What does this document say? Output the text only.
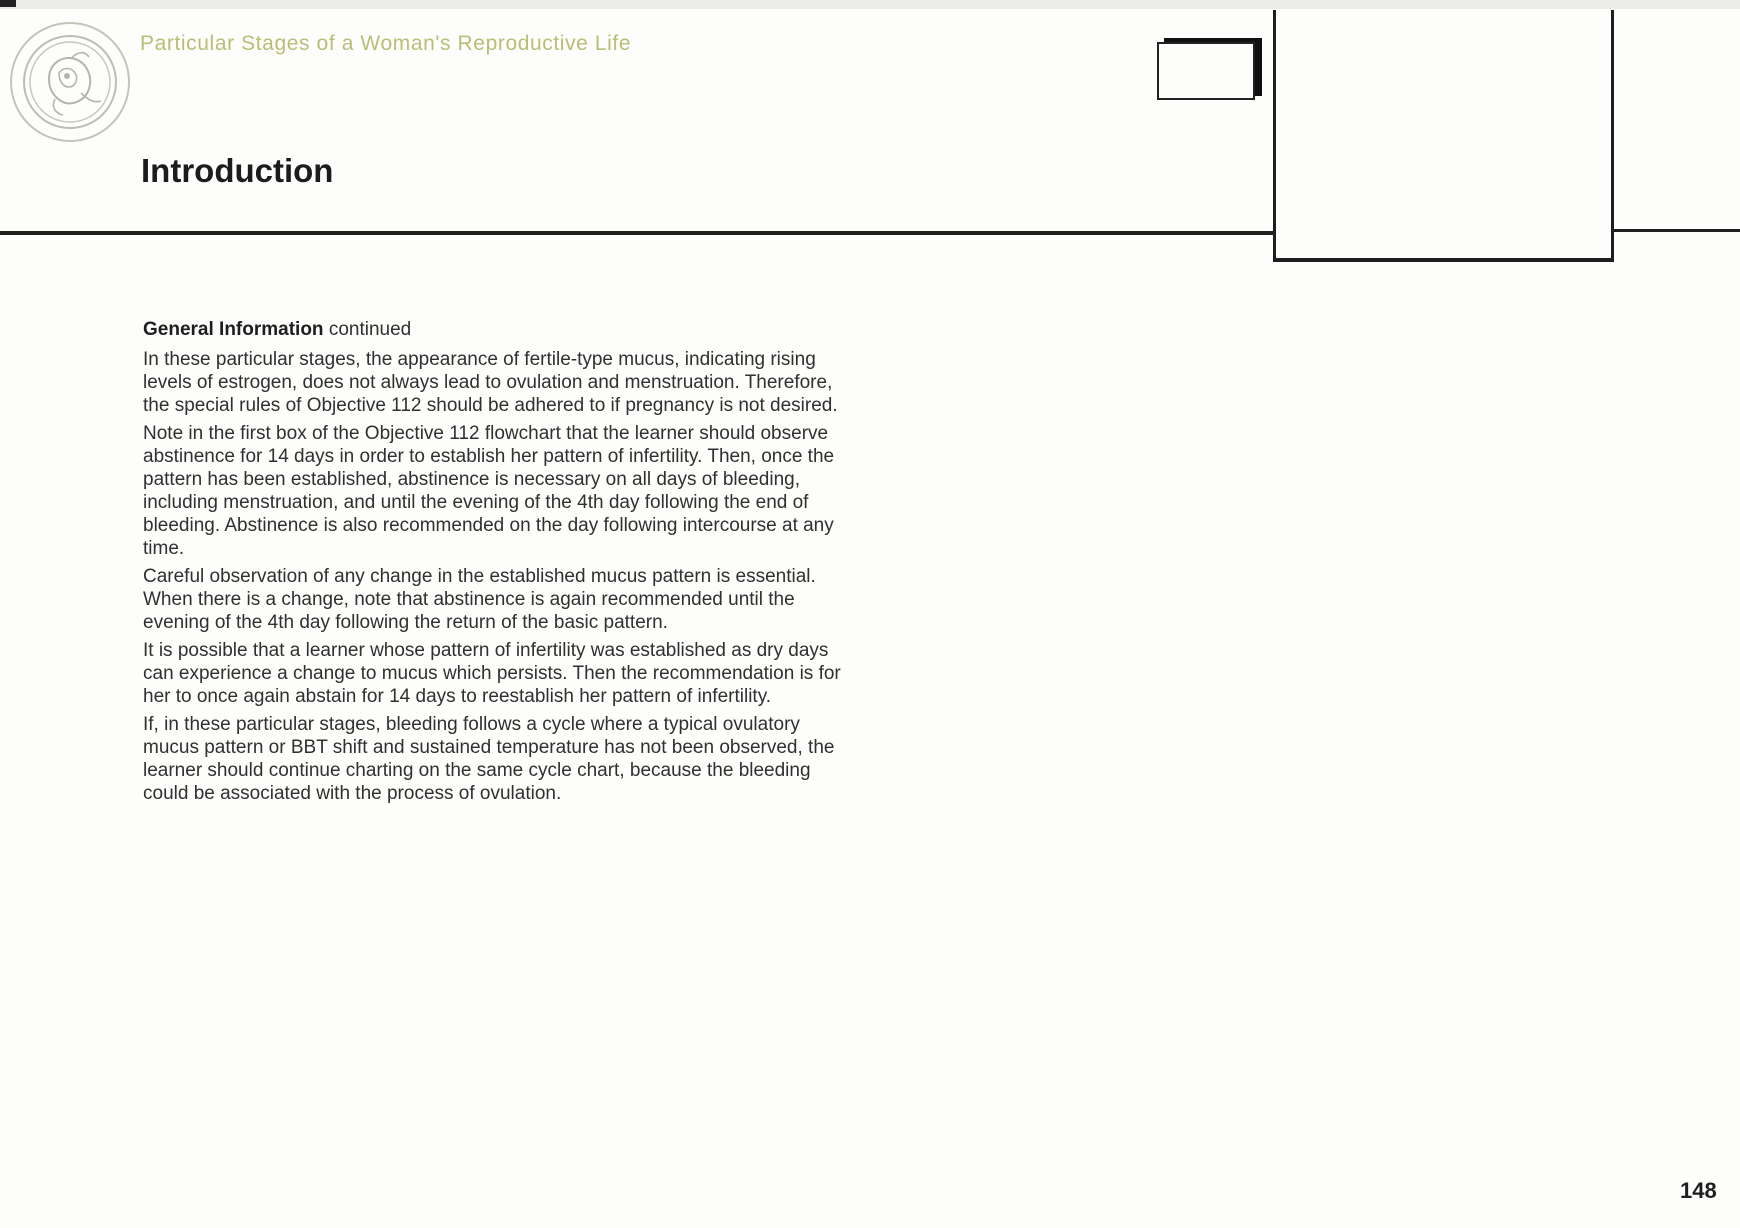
Particular Stages of a Woman's Reproductive Life
Introduction
General Information continued

In these particular stages, the appearance of fertile-type mucus, indicating rising levels of estrogen, does not always lead to ovulation and menstruation. Therefore, the special rules of Objective 112 should be adhered to if pregnancy is not desired.

Note in the first box of the Objective 112 flowchart that the learner should observe abstinence for 14 days in order to establish her pattern of infertility. Then, once the pattern has been established, abstinence is necessary on all days of bleeding, including menstruation, and until the evening of the 4th day following the end of bleeding. Abstinence is also recommended on the day following intercourse at any time.

Careful observation of any change in the established mucus pattern is essential. When there is a change, note that abstinence is again recommended until the evening of the 4th day following the return of the basic pattern.

It is possible that a learner whose pattern of infertility was established as dry days can experience a change to mucus which persists. Then the recommendation is for her to once again abstain for 14 days to reestablish her pattern of infertility.

If, in these particular stages, bleeding follows a cycle where a typical ovulatory mucus pattern or BBT shift and sustained temperature has not been observed, the learner should continue charting on the same cycle chart, because the bleeding could be associated with the process of ovulation.

148
